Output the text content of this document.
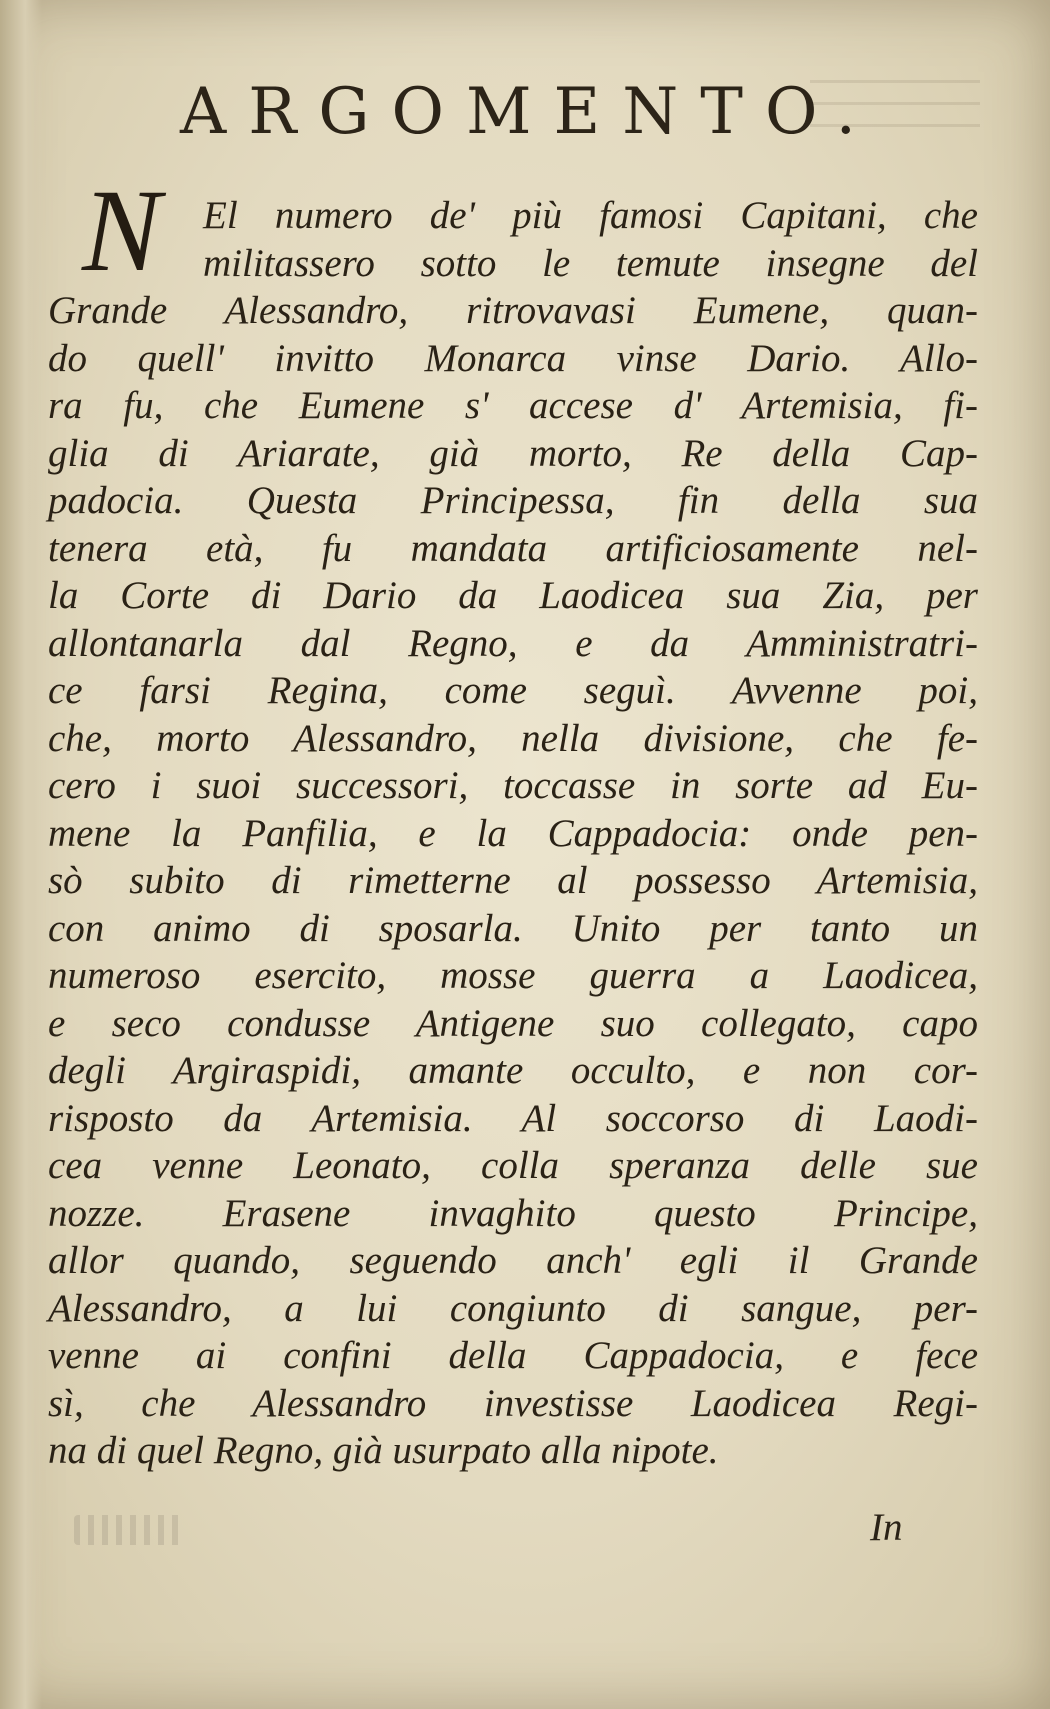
ARGOMENTO.
N	El numero de' più famosi Capitani, che
militassero sotto le temute insegne del
Grande Alessandro, ritrovavasi Eumene, quan-
do quell' invitto Monarca vinse Dario. Allo-
ra fu, che Eumene s' accese d' Artemisia, fi-
glia di Ariarate, già morto, Re della Cap-
padocia. Questa Principessa, fin della sua
tenera età, fu mandata artificiosamente nel-
la Corte di Dario da Laodicea sua Zia, per
allontanarla dal Regno, e da Amministratri-
ce farsi Regina, come seguì. Avvenne poi,
che, morto Alessandro, nella divisione, che fe-
cero i suoi successori, toccasse in sorte ad Eu-
mene la Panfilia, e la Cappadocia: onde pen-
sò subito di rimetterne al possesso Artemisia,
con animo di sposarla. Unito per tanto un
numeroso esercito, mosse guerra a Laodicea,
e seco condusse Antigene suo collegato, capo
degli Argiraspidi, amante occulto, e non cor-
risposto da Artemisia. Al soccorso di Laodi-
cea venne Leonato, colla speranza delle sue
nozze. Erasene invaghito questo Principe,
allor quando, seguendo anch' egli il Grande
Alessandro, a lui congiunto di sangue, per-
venne ai confini della Cappadocia, e fece
sì, che Alessandro investisse Laodicea Regi-
na di quel Regno, già usurpato alla nipote.
In
